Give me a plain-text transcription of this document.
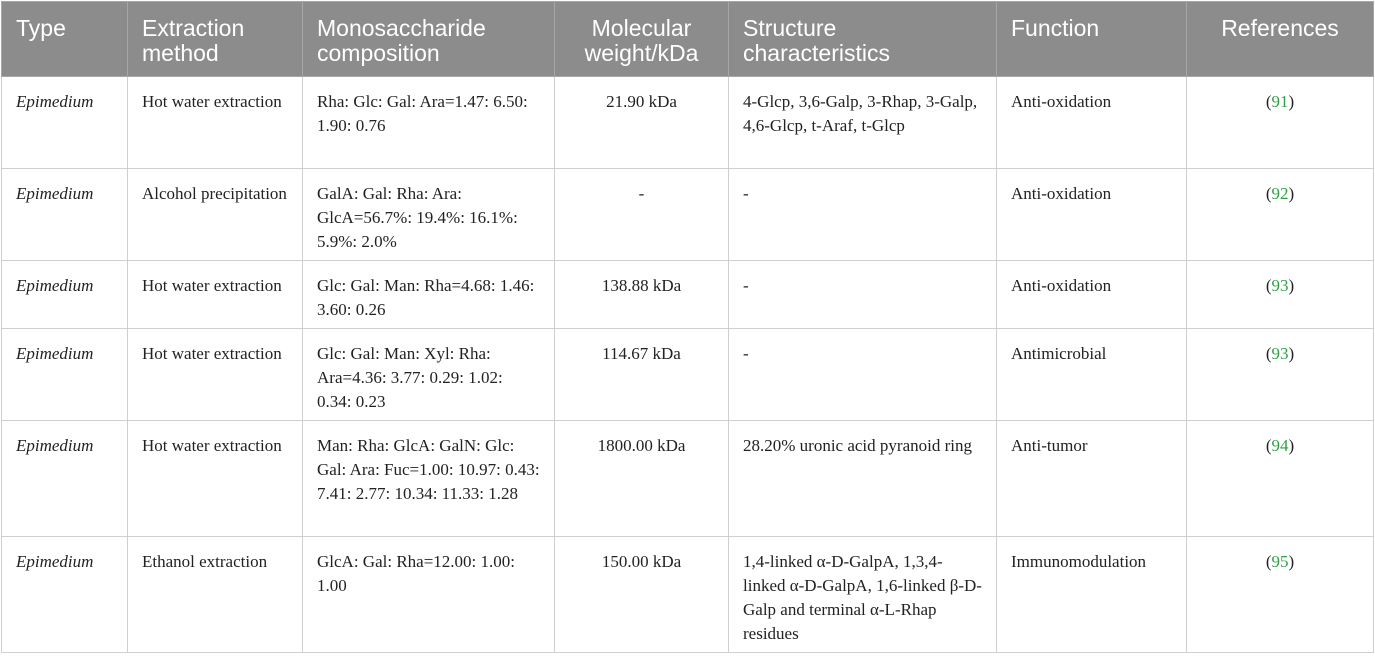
Type	Extraction method	Monosaccharide composition	Molecular weight/kDa	Structure characteristics	Function	References
Epimedium	Hot water extraction	Rha: Glc: Gal: Ara=1.47: 6.50: 1.90: 0.76	21.90 kDa	4-Glcp, 3,6-Galp, 3-Rhap, 3-Galp, 4,6-Glcp, t-Araf, t-Glcp	Anti-oxidation	(91)
Epimedium	Alcohol precipitation	GalA: Gal: Rha: Ara: GlcA=56.7%: 19.4%: 16.1%: 5.9%: 2.0%	-	-	Anti-oxidation	(92)
Epimedium	Hot water extraction	Glc: Gal: Man: Rha=4.68: 1.46: 3.60: 0.26	138.88 kDa	-	Anti-oxidation	(93)
Epimedium	Hot water extraction	Glc: Gal: Man: Xyl: Rha: Ara=4.36: 3.77: 0.29: 1.02: 0.34: 0.23	114.67 kDa	-	Antimicrobial	(93)
Epimedium	Hot water extraction	Man: Rha: GlcA: GalN: Glc: Gal: Ara: Fuc=1.00: 10.97: 0.43: 7.41: 2.77: 10.34: 11.33: 1.28	1800.00 kDa	28.20% uronic acid pyranoid ring	Anti-tumor	(94)
Epimedium	Ethanol extraction	GlcA: Gal: Rha=12.00: 1.00: 1.00	150.00 kDa	1,4-linked α-D-GalpA, 1,3,4-linked α-D-GalpA, 1,6-linked β-D-Galp and terminal α-L-Rhap residues	Immunomodulation	(95)
